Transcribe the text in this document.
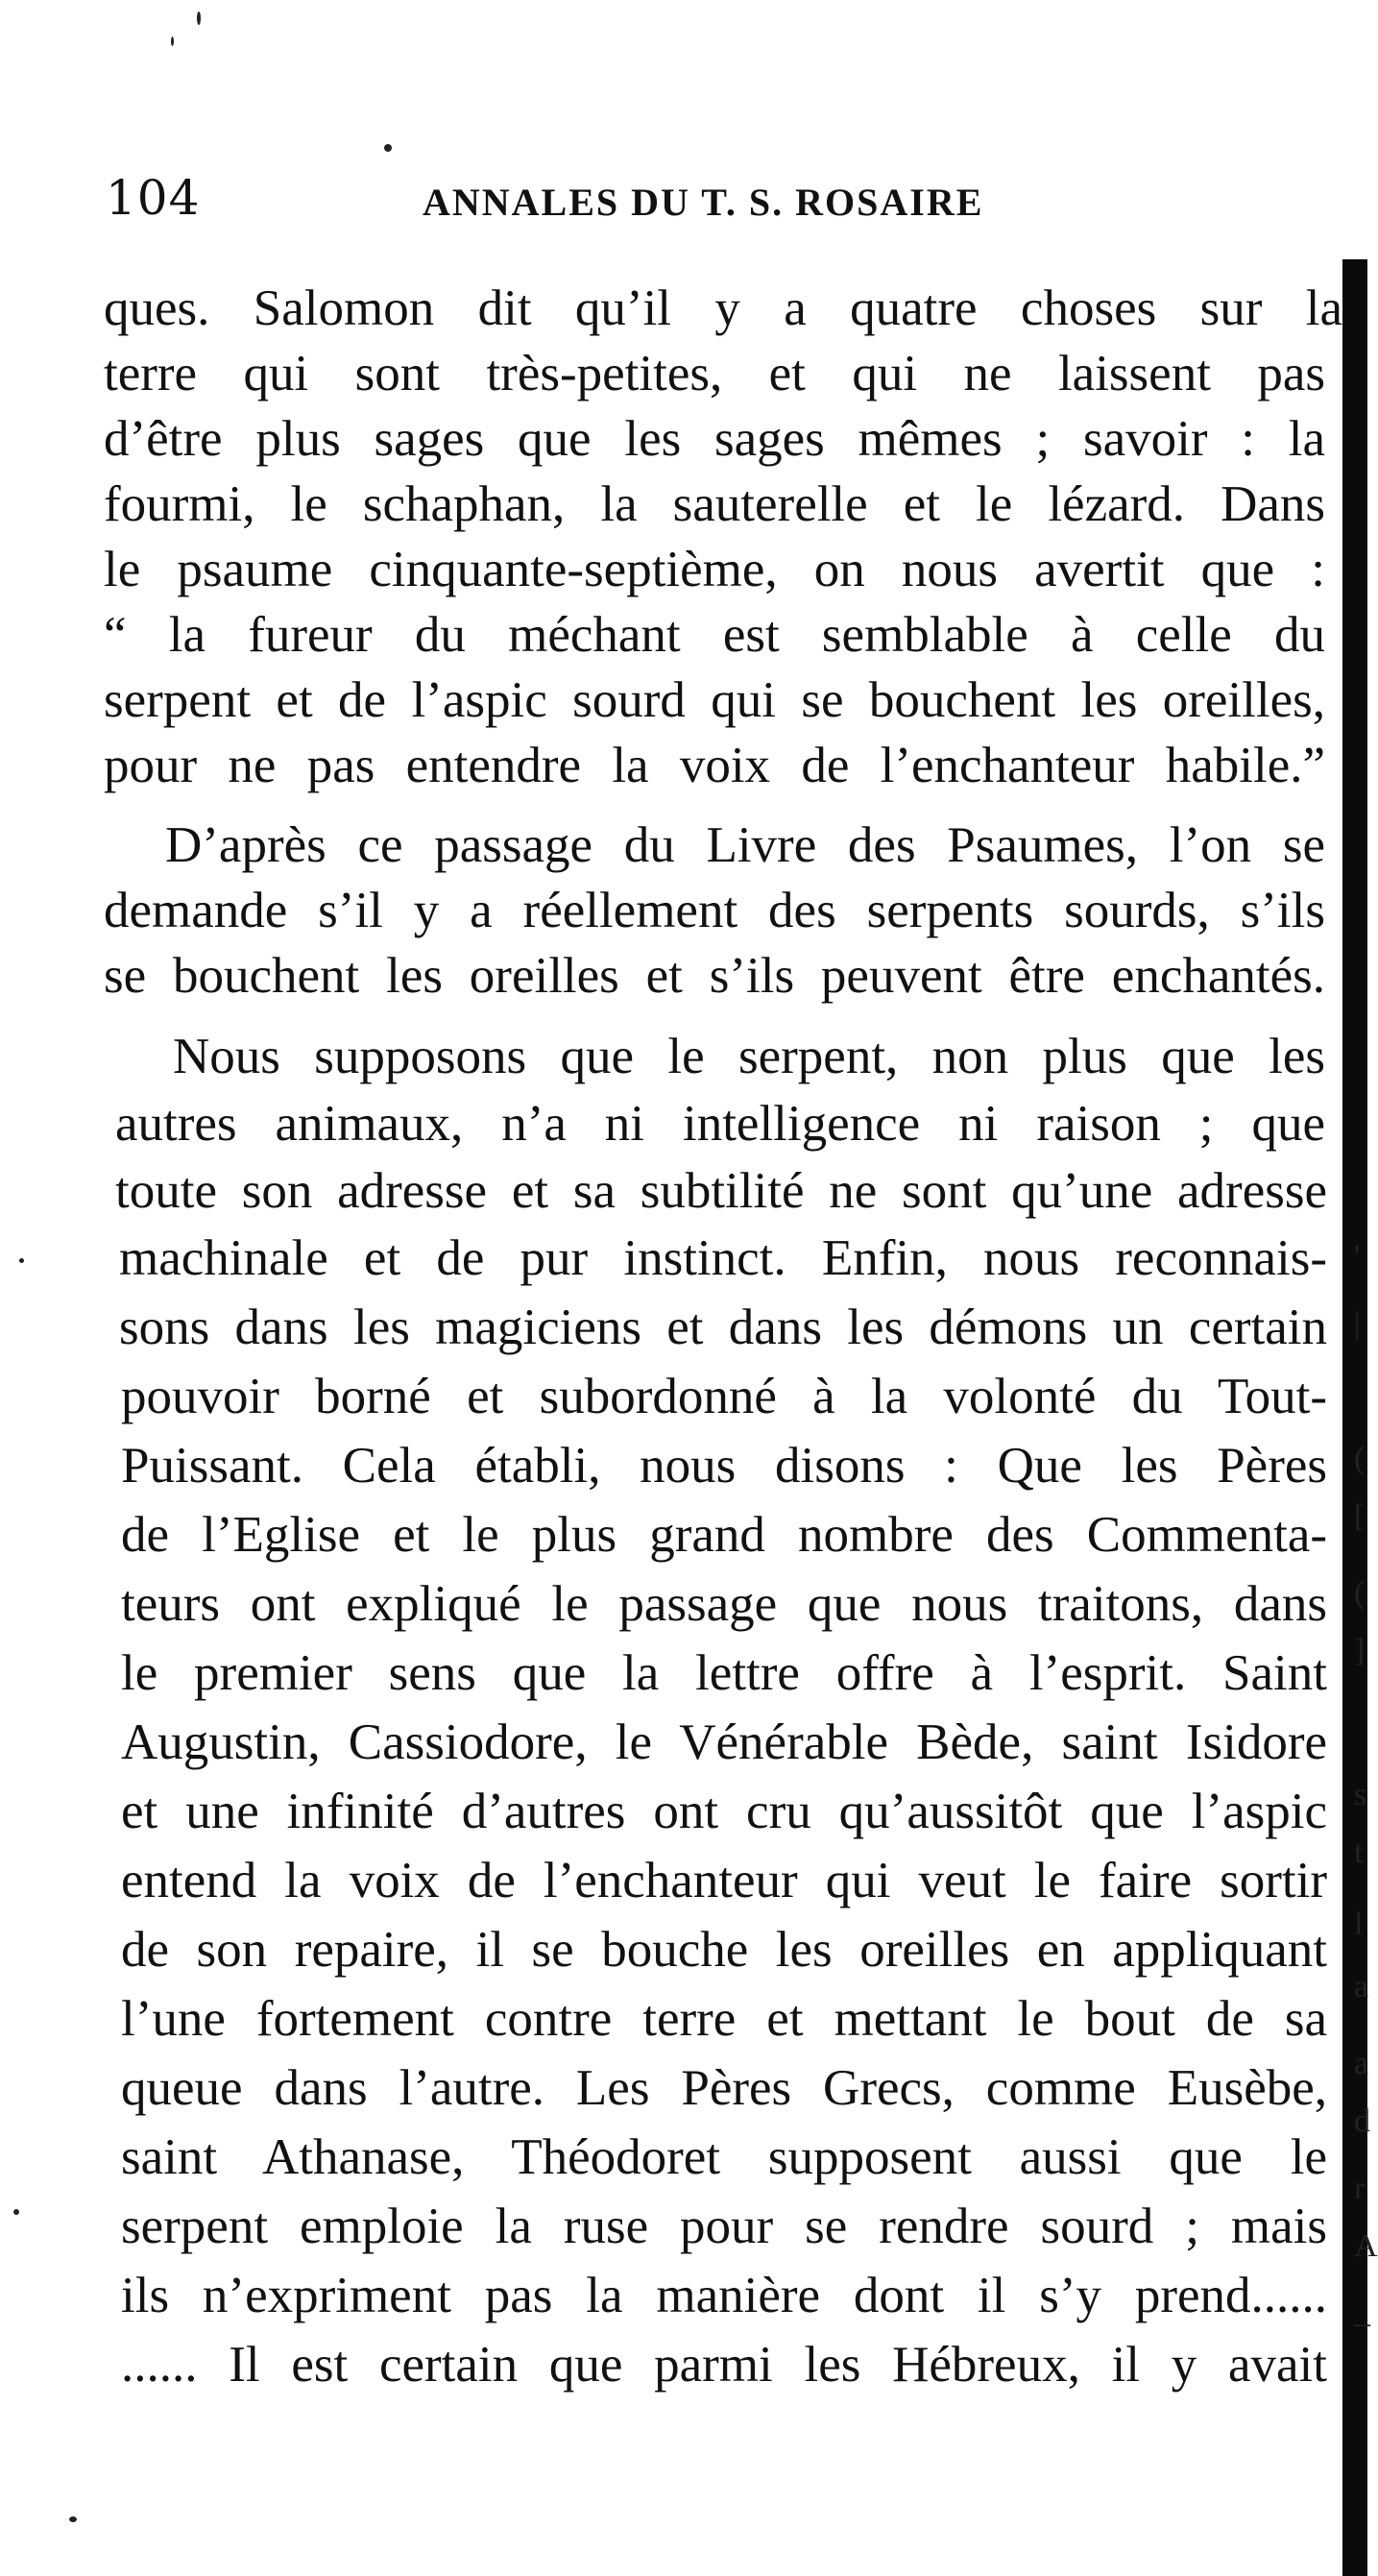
104	ANNALES DU T. S. ROSAIRE

ques. Salomon dit qu’il y a quatre choses sur la

terre qui sont très-petites, et qui ne laissent pas

d’être plus sages que les sages mêmes ; savoir : la

fourmi, le schaphan, la sauterelle et le lézard. Dans

le psaume cinquante-septième, on nous avertit que :

“ la fureur du méchant est semblable à celle du

serpent et de l’aspic sourd qui se bouchent les oreilles,

pour ne pas entendre la voix de l’enchanteur habile.”

D’après ce passage du Livre des Psaumes, l’on se

demande s’il y a réellement des serpents sourds, s’ils

se bouchent les oreilles et s’ils peuvent être enchantés.

Nous supposons que le serpent, non plus que les

autres animaux, n’a ni intelligence ni raison ; que

toute son adresse et sa subtilité ne sont qu’une adresse

machinale et de pur instinct. Enfin, nous reconnais-

sons dans les magiciens et dans les démons un certain

pouvoir borné et subordonné à la volonté du Tout-

Puissant. Cela établi, nous disons : Que les Pères

de l’Eglise et le plus grand nombre des Commenta-

teurs ont expliqué le passage que nous traitons, dans

le premier sens que la lettre offre à l’esprit. Saint

Augustin, Cassiodore, le Vénérable Bède, saint Isidore

et une infinité d’autres ont cru qu’aussitôt que l’aspic

entend la voix de l’enchanteur qui veut le faire sortir

de son repaire, il se bouche les oreilles en appliquant

l’une fortement contre terre et mettant le bout de sa

queue dans l’autre. Les Pères Grecs, comme Eusèbe,

saint Athanase, Théodoret supposent aussi que le

serpent emploie la ruse pour se rendre sourd ; mais

ils n’expriment pas la manière dont il s’y prend......

...... Il est certain que parmi les Hébreux, il y avait

'
|
(
[
(
]
s
t
l
a
a
d
r
A
–
